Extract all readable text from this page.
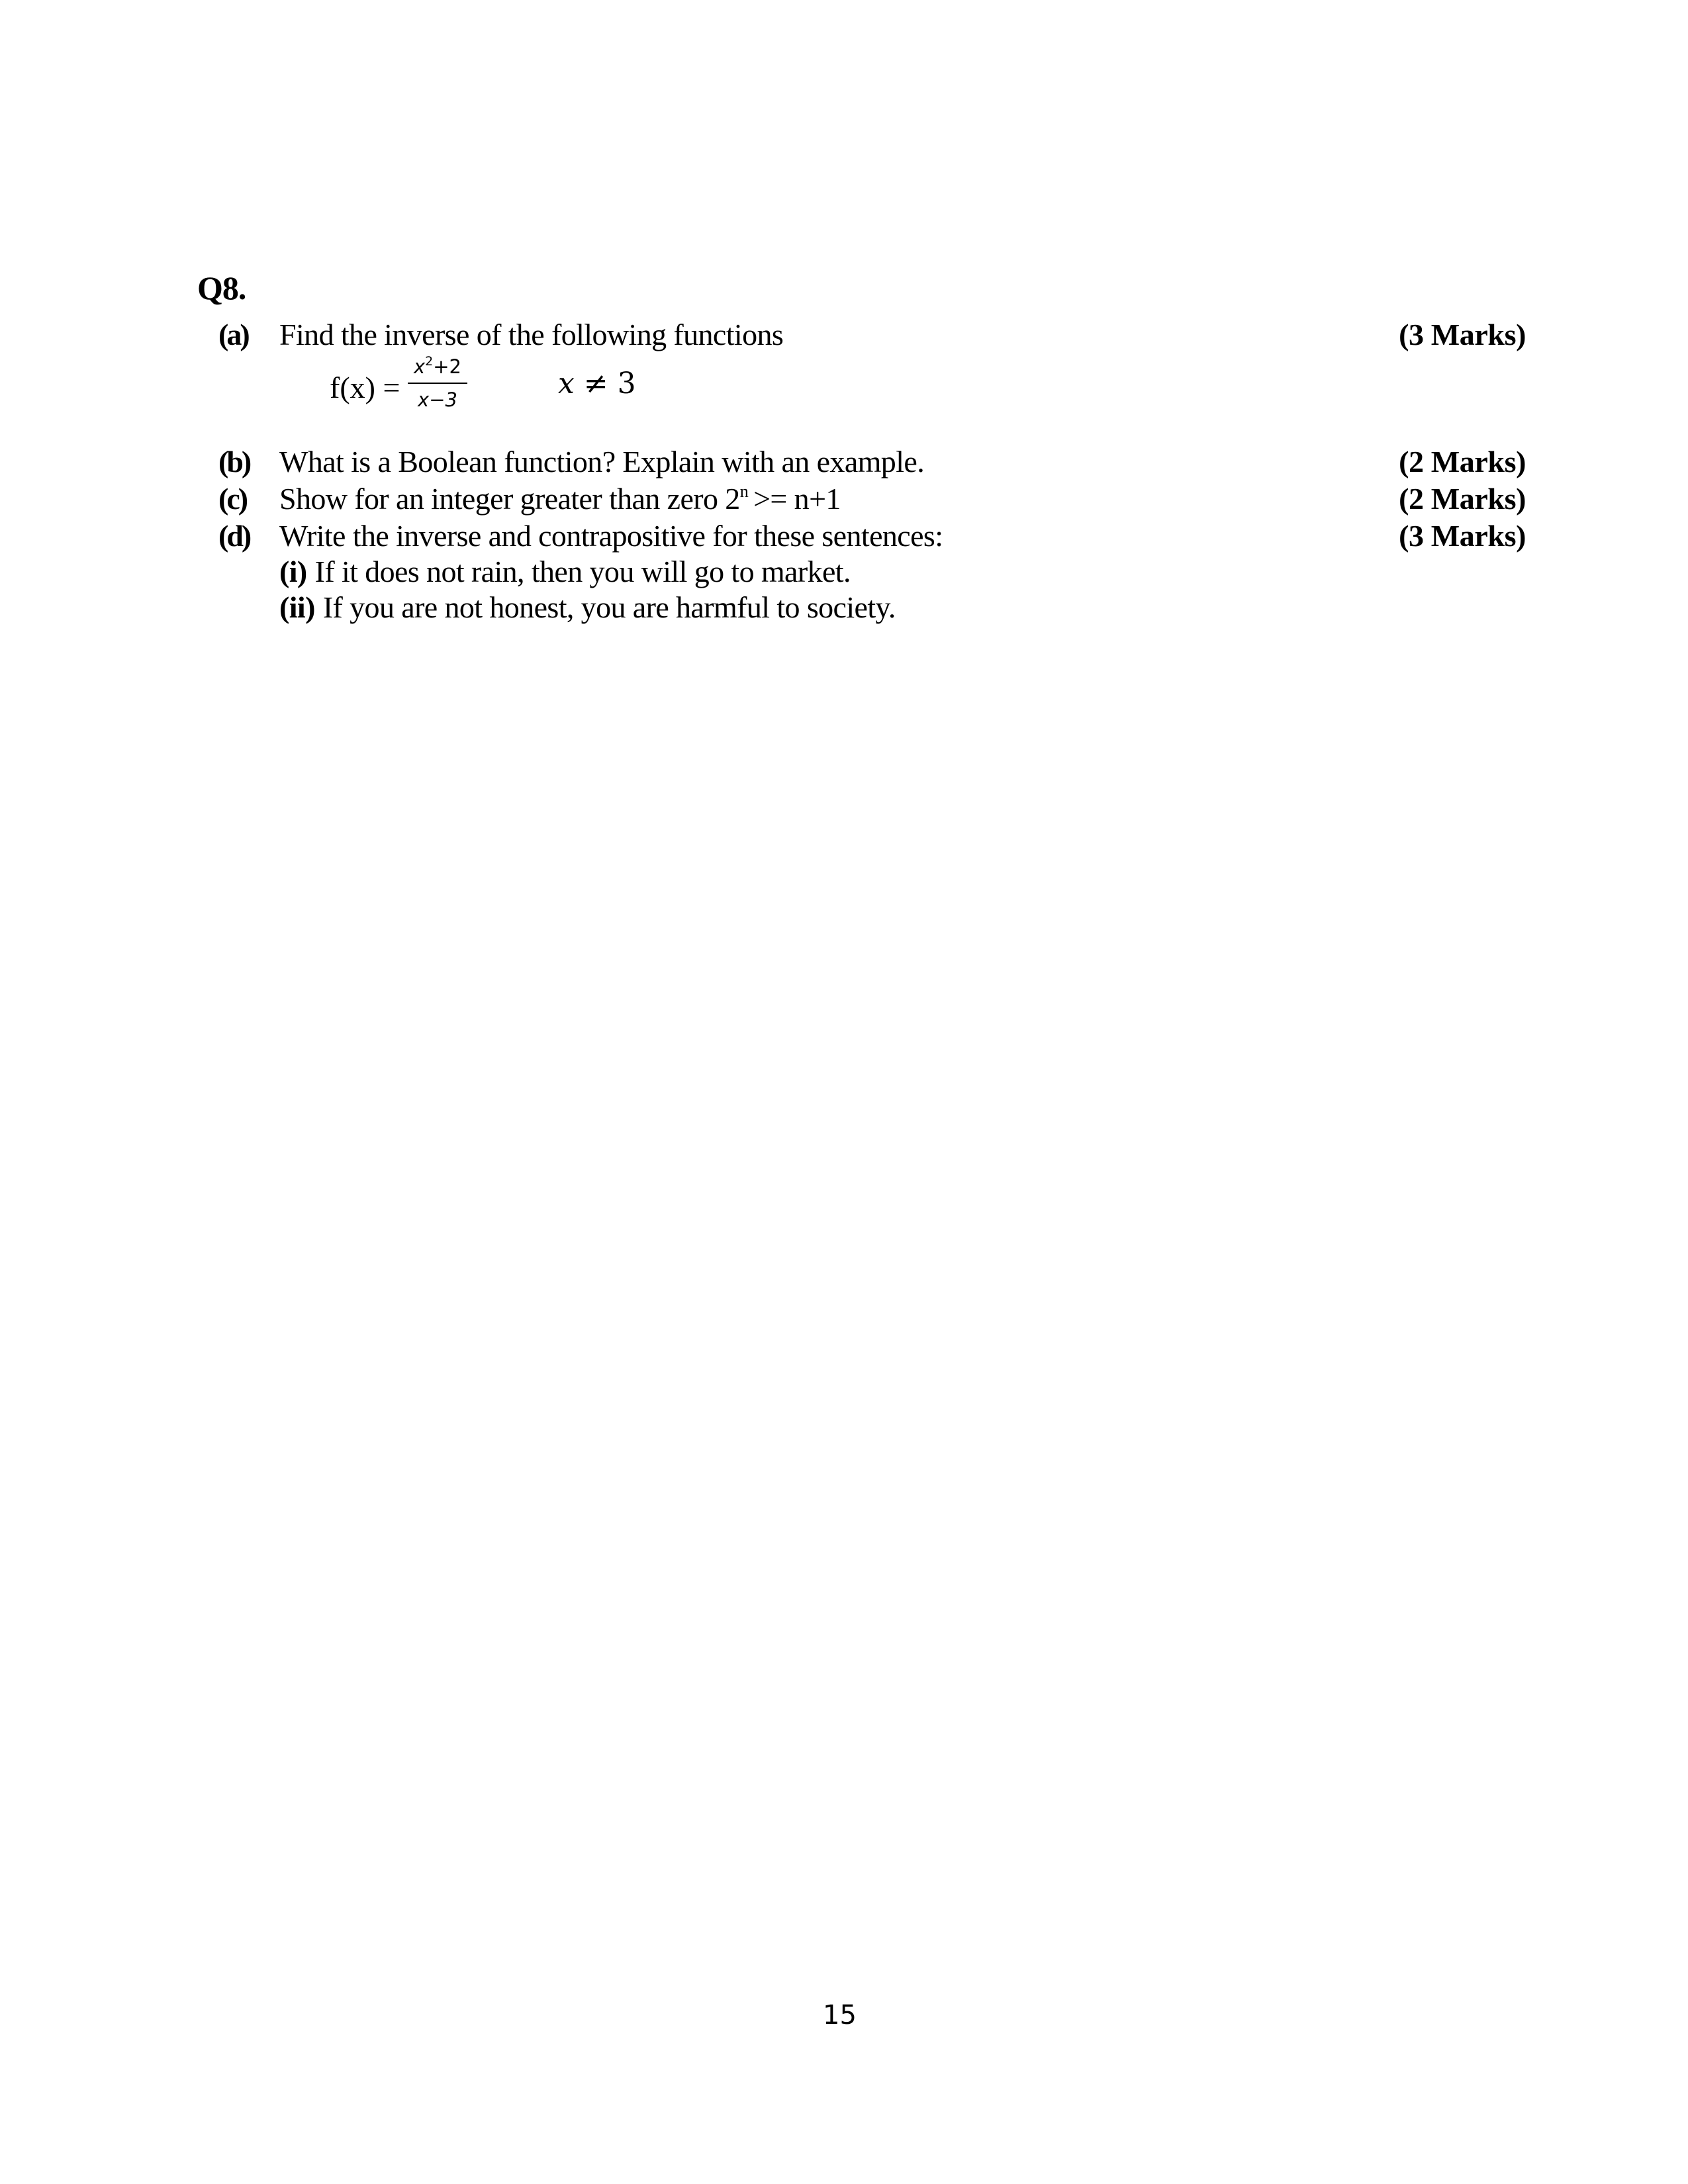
Q8.
(a) Find the inverse of the following functions	(3 Marks)
f(x) =
$x^2+2$
x−3	x ≠ 3
(b) What is a Boolean function? Explain with an example.	(2 Marks)
(c) Show for an integer greater than zero $2^n >= n+1$	(2 Marks)
(d) Write the inverse and contrapositive for these sentences:	(3 Marks)
(i) If it does not rain, then you will go to market.
(ii) If you are not honest, you are harmful to society.
15
